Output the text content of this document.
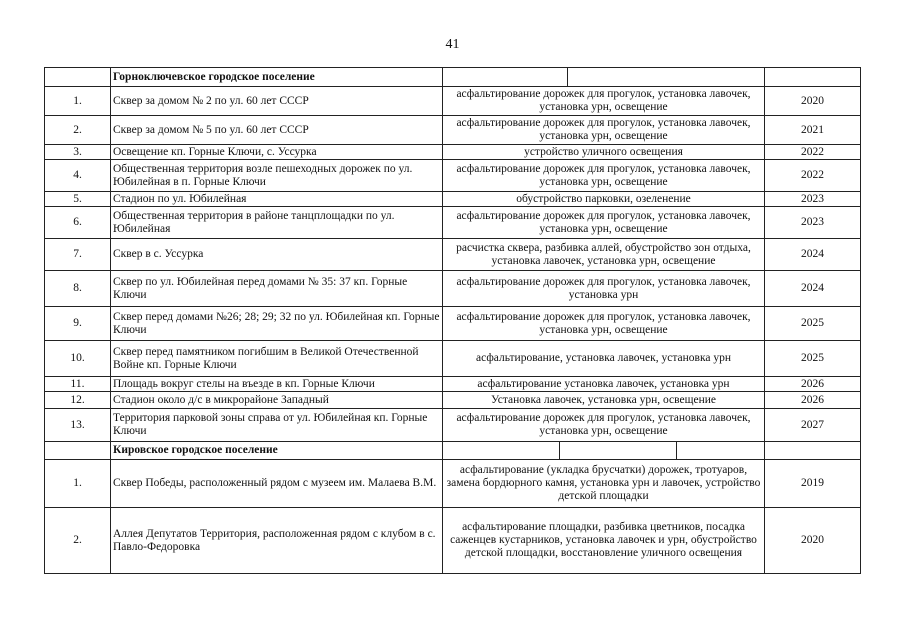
41
	Горноключевское городское поселение	

1.	Сквер за домом № 2 по ул. 60 лет СССР	асфальтирование дорожек для прогулок, установка лавочек, установка урн, освещение	2020
2.	Сквер за домом № 5 по ул. 60 лет СССР	асфальтирование дорожек для прогулок, установка лавочек, установка урн, освещение	2021
3.	Освещение кп. Горные Ключи, с. Уссурка	устройство уличного освещения	2022
4.	Общественная территория возле пешеходных дорожек по ул. Юбилейная в п. Горные Ключи	асфальтирование дорожек для прогулок, установка лавочек, установка урн, освещение	2022
5.	Стадион по ул. Юбилейная	обустройство парковки, озеленение	2023
6.	Общественная территория в районе танцплощадки по ул. Юбилейная	асфальтирование дорожек для прогулок, установка лавочек, установка урн, освещение	2023
7.	Сквер в с. Уссурка	расчистка сквера, разбивка аллей, обустройство зон отдыха, установка лавочек, установка урн, освещение	2024
8.	Сквер по ул. Юбилейная перед домами № 35: 37 кп. Горные Ключи	асфальтирование дорожек для прогулок, установка лавочек, установка урн	2024
9.	Сквер перед домами №26; 28; 29; 32 по ул. Юбилейная кп. Горные Ключи	асфальтирование дорожек для прогулок, установка лавочек, установка урн, освещение	2025
10.	Сквер перед памятником погибшим в Великой Отечественной Войне кп. Горные Ключи	асфальтирование, установка лавочек, установка урн	2025
11.	Площадь вокруг стелы на въезде в кп. Горные Ключи	асфальтирование установка лавочек, установка урн	2026
12.	Стадион около д/с в микрорайоне Западный	Установка лавочек, установка урн, освещение	2026
13.	Территория парковой зоны справа от ул. Юбилейная кп. Горные Ключи	асфальтирование дорожек для прогулок, установка лавочек, установка урн, освещение	2027
	Кировское городское поселение	

1.	Сквер Победы, расположенный рядом с музеем им. Малаева В.М.	асфальтирование (укладка брусчатки) дорожек, тротуаров, замена бордюрного камня, установка урн и лавочек, устройство детской площадки	2019
2.	Аллея Депутатов Территория, расположенная рядом с клубом в с. Павло-Федоровка	асфальтирование площадки, разбивка цветников, посадка саженцев кустарников, установка лавочек и урн, обустройство детской площадки, восстановление уличного освещения	2020
